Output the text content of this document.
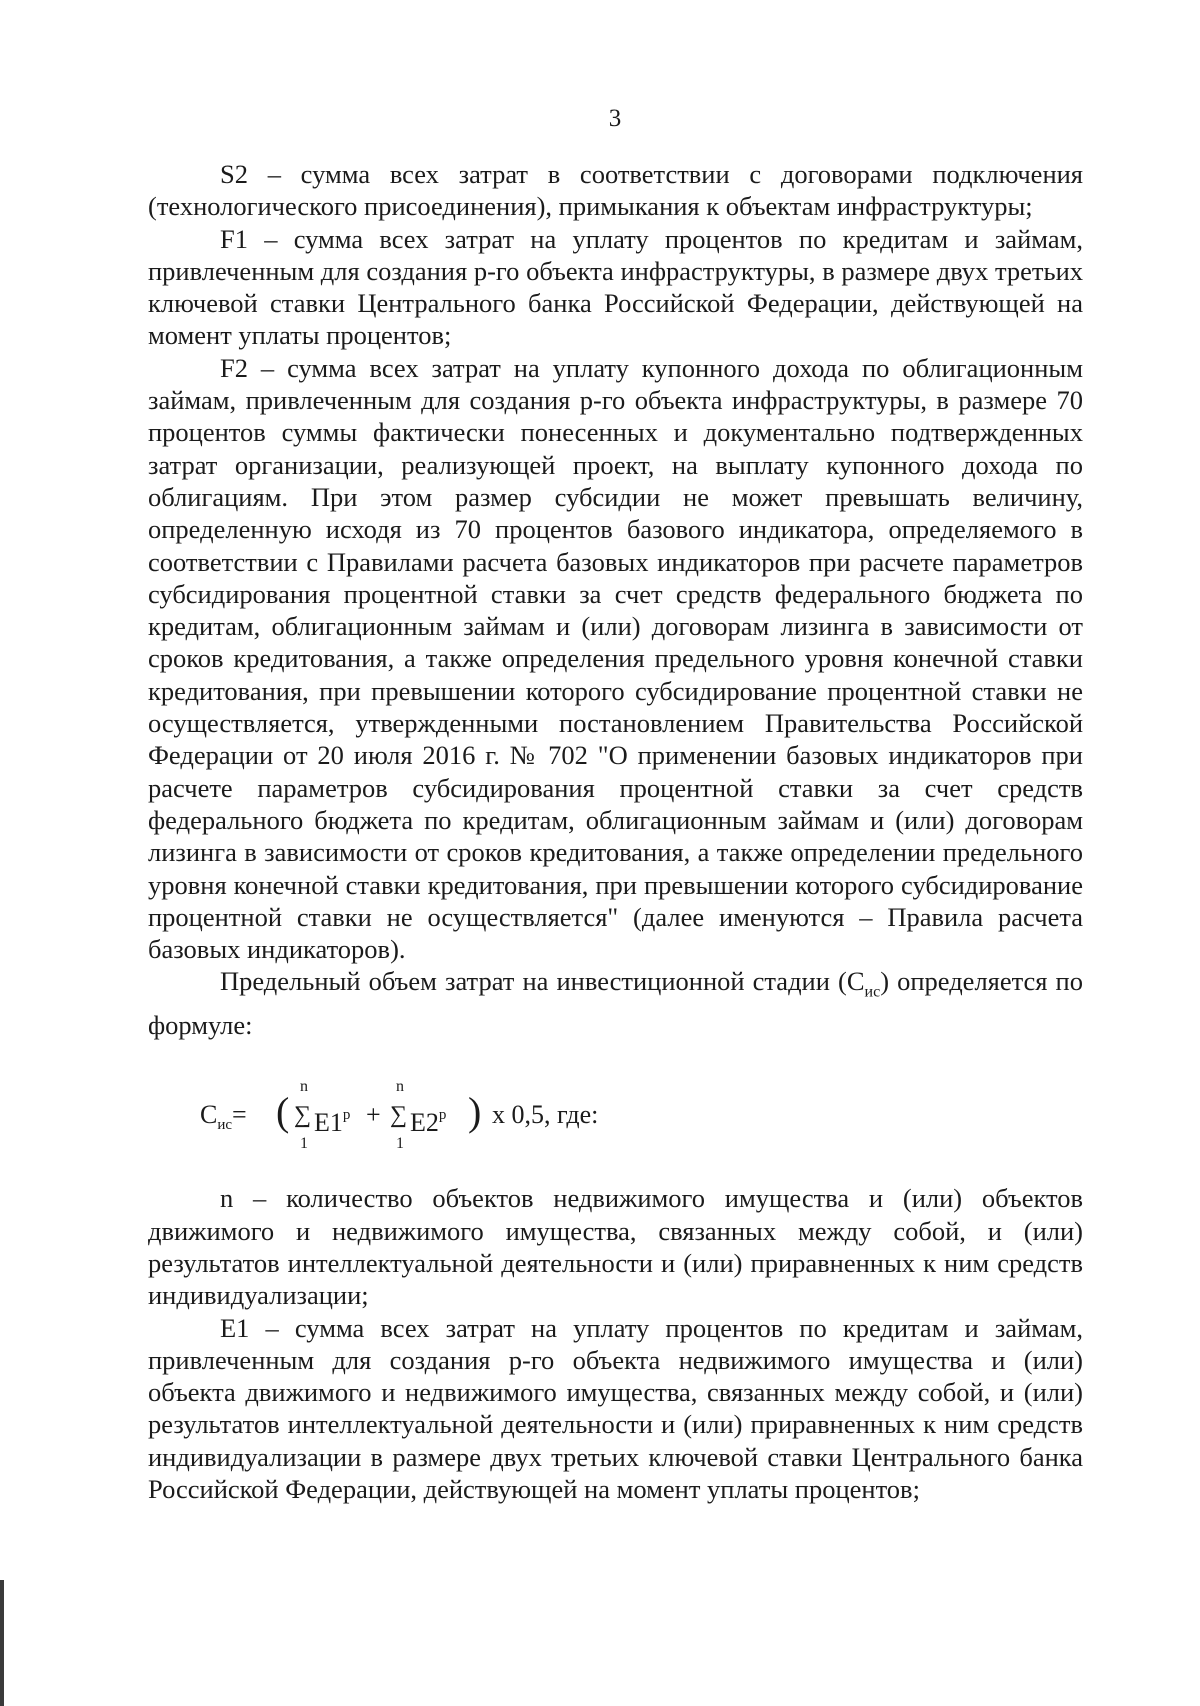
3

S2 – сумма всех затрат в соответствии с договорами подключения (технологического присоединения), примыкания к объектам инфраструктуры;

F1 – сумма всех затрат на уплату процентов по кредитам и займам, привлеченным для создания р-го объекта инфраструктуры, в размере двух третьих ключевой ставки Центрального банка Российской Федерации, действующей на момент уплаты процентов;

F2 – сумма всех затрат на уплату купонного дохода по облигационным займам, привлеченным для создания р-го объекта инфраструктуры, в размере 70 процентов суммы фактически понесенных и документально подтвержденных затрат организации, реализующей проект, на выплату купонного дохода по облигациям. При этом размер субсидии не может превышать величину, определенную исходя из 70 процентов базового индикатора, определяемого в соответствии с Правилами расчета базовых индикаторов при расчете параметров субсидирования процентной ставки за счет средств федерального бюджета по кредитам, облигационным займам и (или) договорам лизинга в зависимости от сроков кредитования, а также определения предельного уровня конечной ставки кредитования, при превышении которого субсидирование процентной ставки не осуществляется, утвержденными постановлением Правительства Российской Федерации от 20 июля 2016 г. № 702 "О применении базовых индикаторов при расчете параметров субсидирования процентной ставки за счет средств федерального бюджета по кредитам, облигационным займам и (или) договорам лизинга в зависимости от сроков кредитования, а также определении предельного уровня конечной ставки кредитования, при превышении которого субсидирование процентной ставки не осуществляется" (далее именуются – Правила расчета базовых индикаторов).

Предельный объем затрат на инвестиционной стадии $(С_{ис})$ определяется по формуле:

$C_{ис}=$ (
n
∑
1
$E1^p$ +
n
∑
1
E2$^p$ ) x 0,5, где:

n – количество объектов недвижимого имущества и (или) объектов движимого и недвижимого имущества, связанных между собой, и (или) результатов интеллектуальной деятельности и (или) приравненных к ним средств индивидуализации;

E1 – сумма всех затрат на уплату процентов по кредитам и займам, привлеченным для создания р-го объекта недвижимого имущества и (или) объекта движимого и недвижимого имущества, связанных между собой, и (или) результатов интеллектуальной деятельности и (или) приравненных к ним средств индивидуализации в размере двух третьих ключевой ставки Центрального банка Российской Федерации, действующей на момент уплаты процентов;
